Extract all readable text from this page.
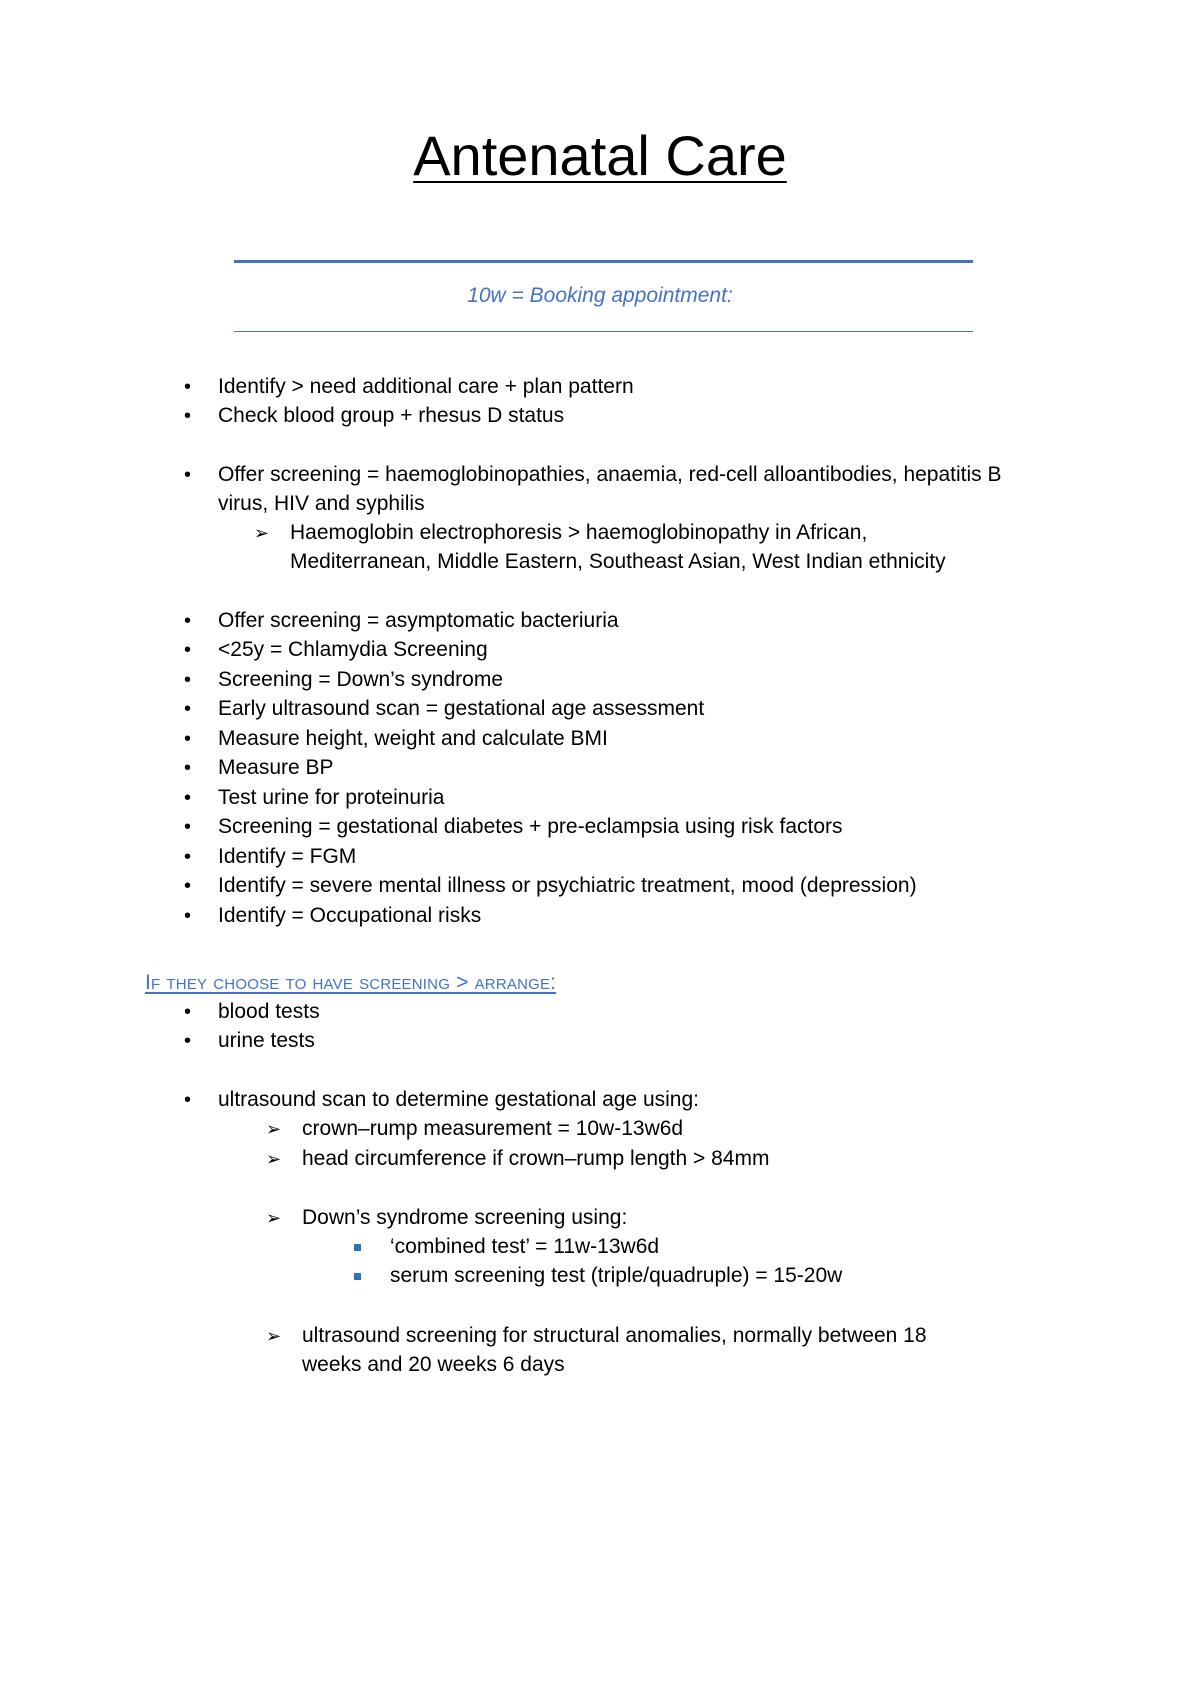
Antenatal Care
10w = Booking appointment:
• Identify > need additional care + plan pattern
• Check blood group + rhesus D status
• Offer screening = haemoglobinopathies, anaemia, red-cell alloantibodies, hepatitis B
virus, HIV and syphilis
➢ Haemoglobin electrophoresis > haemoglobinopathy in African,
Mediterranean, Middle Eastern, Southeast Asian, West Indian ethnicity
• Offer screening = asymptomatic bacteriuria
• <25y = Chlamydia Screening
• Screening = Down’s syndrome
• Early ultrasound scan = gestational age assessment
• Measure height, weight and calculate BMI
• Measure BP
• Test urine for proteinuria
• Screening = gestational diabetes + pre-eclampsia using risk factors
• Identify = FGM
• Identify = severe mental illness or psychiatric treatment, mood (depression)
• Identify = Occupational risks
If they choose to have screening > arrange:
• blood tests
• urine tests
• ultrasound scan to determine gestational age using:
➢ crown–rump measurement = 10w-13w6d
➢ head circumference if crown–rump length > 84mm
➢ Down’s syndrome screening using:
‘combined test’ = 11w-13w6d
serum screening test (triple/quadruple) = 15-20w
➢ ultrasound screening for structural anomalies, normally between 18
weeks and 20 weeks 6 days
